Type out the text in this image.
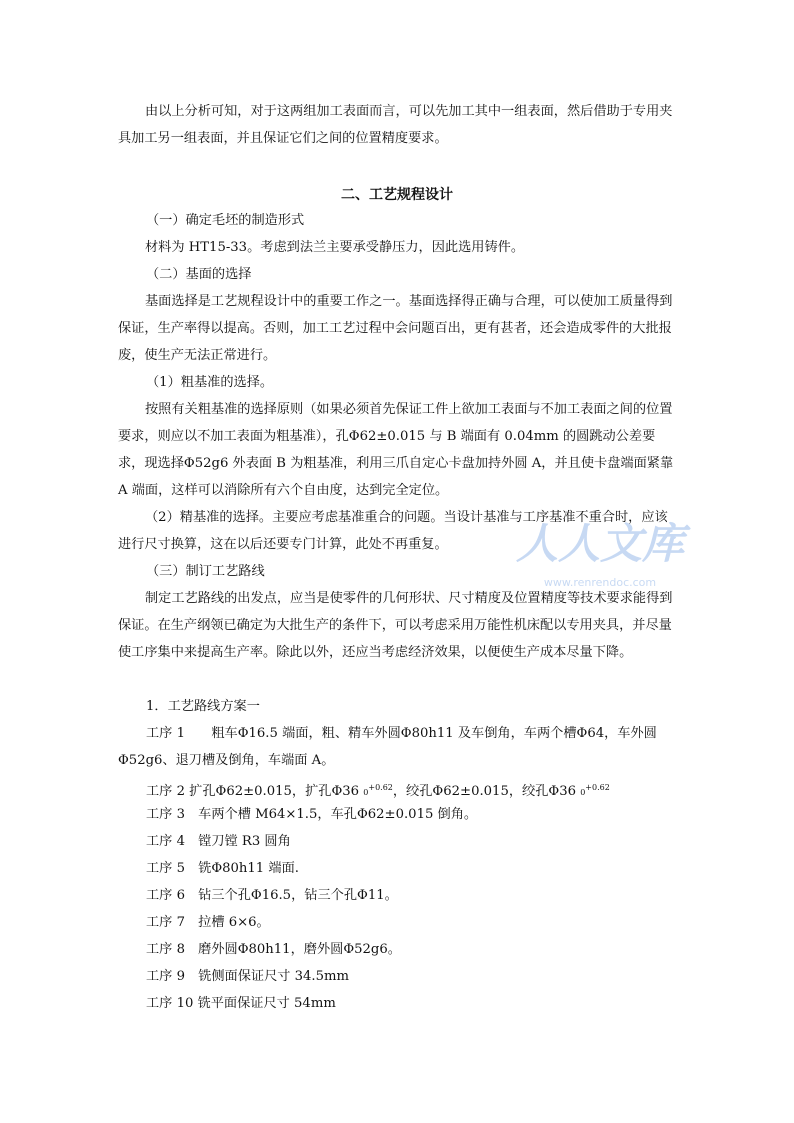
由以上分析可知，对于这两组加工表面而言，可以先加工其中一组表面，然后借助于专用夹具加工另一组表面，并且保证它们之间的位置精度要求。

二、工艺规程设计

（一）确定毛坯的制造形式

材料为 HT15-33。考虑到法兰主要承受静压力，因此选用铸件。

（二）基面的选择

基面选择是工艺规程设计中的重要工作之一。基面选择得正确与合理，可以使加工质量得到保证，生产率得以提高。否则，加工工艺过程中会问题百出，更有甚者，还会造成零件的大批报废，使生产无法正常进行。

（1）粗基准的选择。

按照有关粗基准的选择原则（如果必须首先保证工件上欲加工表面与不加工表面之间的位置要求，则应以不加工表面为粗基准），孔Φ62±0.015 与 B 端面有 0.04mm 的圆跳动公差要求，现选择Φ52g6 外表面 B 为粗基准，利用三爪自定心卡盘加持外圆 A，并且使卡盘端面紧靠 A 端面，这样可以消除所有六个自由度，达到完全定位。

（2）精基准的选择。主要应考虑基准重合的问题。当设计基准与工序基准不重合时，应该进行尺寸换算，这在以后还要专门计算，此处不再重复。

（三）制订工艺路线

制定工艺路线的出发点，应当是使零件的几何形状、尺寸精度及位置精度等技术要求能得到保证。在生产纲领已确定为大批生产的条件下，可以考虑采用万能性机床配以专用夹具，并尽量使工序集中来提高生产率。除此以外，还应当考虑经济效果，以便使生产成本尽量下降。

1．工艺路线方案一

工序 1　　粗车Φ16.5 端面，粗、精车外圆Φ80h11 及车倒角，车两个槽Φ64，车外圆

Φ52g6、退刀槽及倒角，车端面 A。

工序 2 扩孔Φ62±0.015，扩孔Φ36 $0^{+0.62}$，绞孔Φ62±0.015，绞孔Φ36 $0^{+0.62}$

工序 3　车两个槽 M64×1.5，车孔Φ62±0.015 倒角。

工序 4　镗刀镗 R3 圆角

工序 5　铣Φ80h11 端面.

工序 6　钻三个孔Φ16.5，钻三个孔Φ11。

工序 7　拉槽 6×6。

工序 8　磨外圆Φ80h11，磨外圆Φ52g6。

工序 9　铣侧面保证尺寸 34.5mm

工序 10 铣平面保证尺寸 54mm

人人文库
www.renrendoc.com
